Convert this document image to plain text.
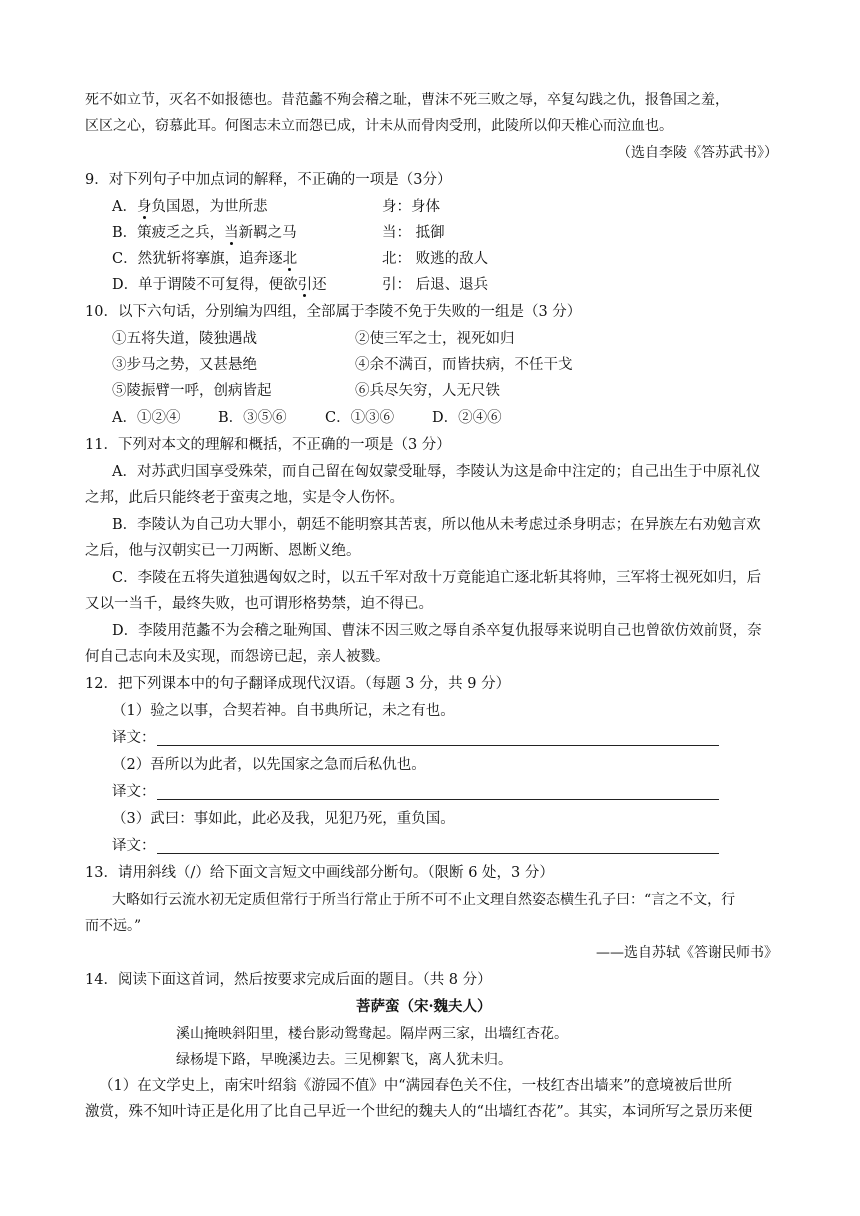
死不如立节，灭名不如报德也。昔范蠡不殉会稽之耻，曹沫不死三败之辱，卒复勾践之仇，报鲁国之羞，
区区之心，窃慕此耳。何图志未立而怨已成，计未从而骨肉受刑，此陵所以仰天椎心而泣血也。
（选自李陵《答苏武书》）
9．对下列句子中加点词的解释，不正确的一项是（3分）
A．身负国恩，为世所悲	身：身体
B．策疲乏之兵，当新羁之马	当： 抵御
C．然犹斩将搴旗，追奔逐北	北： 败逃的敌人
D．单于谓陵不可复得，便欲引还	引： 后退、退兵
10．以下六句话，分别编为四组，全部属于李陵不免于失败的一组是（3 分）
①五将失道，陵独遇战	②使三军之士，视死如归
③步马之势，又甚悬绝	④余不满百，而皆扶病，不任干戈
⑤陵振臂一呼，创病皆起	⑥兵尽矢穷，人无尺铁
A．①②④	B．③⑤⑥	C．①③⑥	D．②④⑥
11．下列对本文的理解和概括，不正确的一项是（3 分）
A．对苏武归国享受殊荣，而自己留在匈奴蒙受耻辱，李陵认为这是命中注定的；自己出生于中原礼仪
之邦，此后只能终老于蛮夷之地，实是令人伤怀。
B．李陵认为自己功大罪小，朝廷不能明察其苦衷，所以他从未考虑过杀身明志；在异族左右劝勉言欢
之后，他与汉朝实已一刀两断、恩断义绝。
C．李陵在五将失道独遇匈奴之时，以五千军对敌十万竟能追亡逐北斩其将帅，三军将士视死如归，后
又以一当千，最终失败，也可谓形格势禁，迫不得已。
D．李陵用范蠡不为会稽之耻殉国、曹沫不因三败之辱自杀卒复仇报辱来说明自己也曾欲仿效前贤，奈
何自己志向未及实现，而怨谤已起，亲人被戮。
12．把下列课本中的句子翻译成现代汉语。（每题 3 分，共 9 分）
（1）验之以事，合契若神。自书典所记，未之有也。
译文：
（2）吾所以为此者，以先国家之急而后私仇也。
译文：
（3）武曰：事如此，此必及我，见犯乃死，重负国。
译文：
13．请用斜线（/）给下面文言短文中画线部分断句。（限断 6 处，3 分）
大略如行云流水初无定质但常行于所当行常止于所不可不止文理自然姿态横生孔子曰：“言之不文，行
而不远。”
——选自苏轼《答谢民师书》
14．阅读下面这首词，然后按要求完成后面的题目。（共 8 分）
菩萨蛮（宋·魏夫人）
溪山掩映斜阳里，楼台影动鸳鸯起。隔岸两三家，出墙红杏花。
绿杨堤下路，早晚溪边去。三见柳絮飞，离人犹未归。
（1）在文学史上，南宋叶绍翁《游园不值》中“满园春色关不住，一枝红杏出墙来”的意境被后世所
激赏，殊不知叶诗正是化用了比自己早近一个世纪的魏夫人的“出墙红杏花”。其实，本词所写之景历来便
